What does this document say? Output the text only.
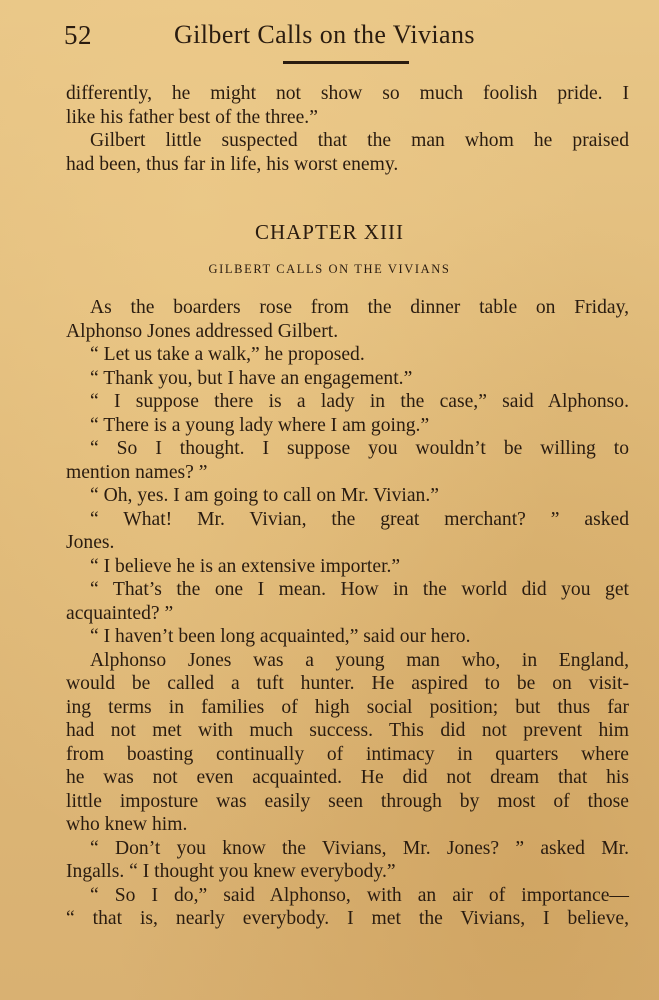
52	Gilbert Calls on the Vivians
differently, he might not show so much foolish pride. I
like his father best of the three.”
Gilbert little suspected that the man whom he praised
had been, thus far in life, his worst enemy.
CHAPTER XIII
GILBERT CALLS ON THE VIVIANS
As the boarders rose from the dinner table on Friday,
Alphonso Jones addressed Gilbert.
“ Let us take a walk,” he proposed.
“ Thank you, but I have an engagement.”
“ I suppose there is a lady in the case,” said Alphonso.
“ There is a young lady where I am going.”
“ So I thought. I suppose you wouldn’t be willing to
mention names? ”
“ Oh, yes. I am going to call on Mr. Vivian.”
“ What! Mr. Vivian, the great merchant? ” asked
Jones.
“ I believe he is an extensive importer.”
“ That’s the one I mean. How in the world did you get
acquainted? ”
“ I haven’t been long acquainted,” said our hero.
Alphonso Jones was a young man who, in England,
would be called a tuft hunter. He aspired to be on visit-
ing terms in families of high social position; but thus far
had not met with much success. This did not prevent him
from boasting continually of intimacy in quarters where
he was not even acquainted. He did not dream that his
little imposture was easily seen through by most of those
who knew him.
“ Don’t you know the Vivians, Mr. Jones? ” asked Mr.
Ingalls. “ I thought you knew everybody.”
“ So I do,” said Alphonso, with an air of importance—
“ that is, nearly everybody. I met the Vivians, I believe,
